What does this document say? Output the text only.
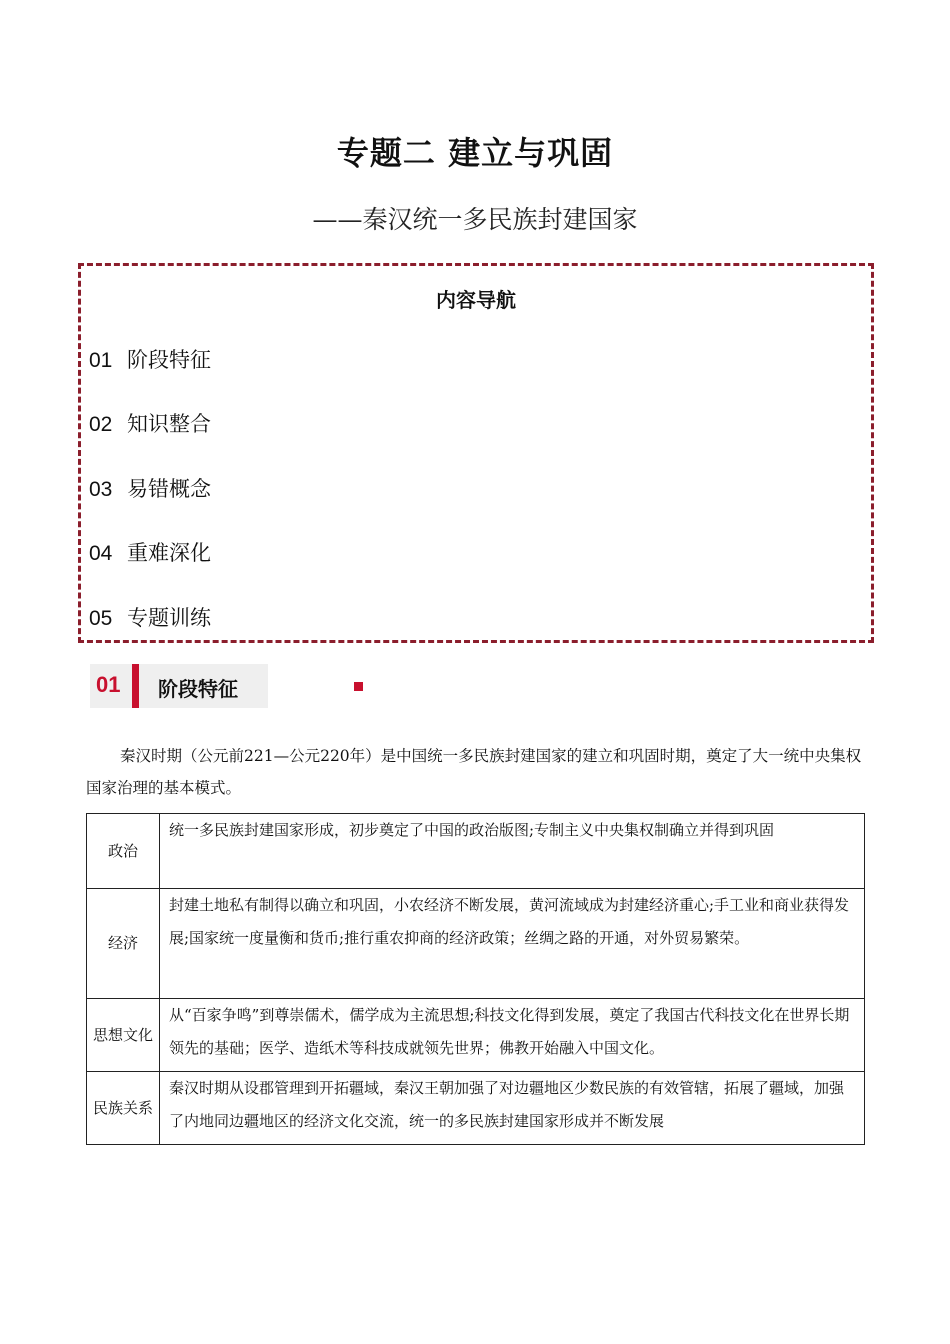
专题二 建立与巩固
——秦汉统一多民族封建国家
内容导航
01 阶段特征
02 知识整合
03 易错概念
04 重难深化
05 专题训练
01 阶段特征
秦汉时期（公元前221—公元220年）是中国统一多民族封建国家的建立和巩固时期，奠定了大一统中央集权国家治理的基本模式。
政治	统一多民族封建国家形成，初步奠定了中国的政治版图;专制主义中央集权制确立并得到巩固
经济	封建土地私有制得以确立和巩固，小农经济不断发展，黄河流域成为封建经济重心;手工业和商业获得发展;国家统一度量衡和货币;推行重农抑商的经济政策；丝绸之路的开通，对外贸易繁荣。
思想文化	从“百家争鸣”到尊崇儒术，儒学成为主流思想;科技文化得到发展，奠定了我国古代科技文化在世界长期领先的基础；医学、造纸术等科技成就领先世界；佛教开始融入中国文化。
民族关系	秦汉时期从设郡管理到开拓疆域，秦汉王朝加强了对边疆地区少数民族的有效管辖，拓展了疆域，加强了内地同边疆地区的经济文化交流，统一的多民族封建国家形成并不断发展
